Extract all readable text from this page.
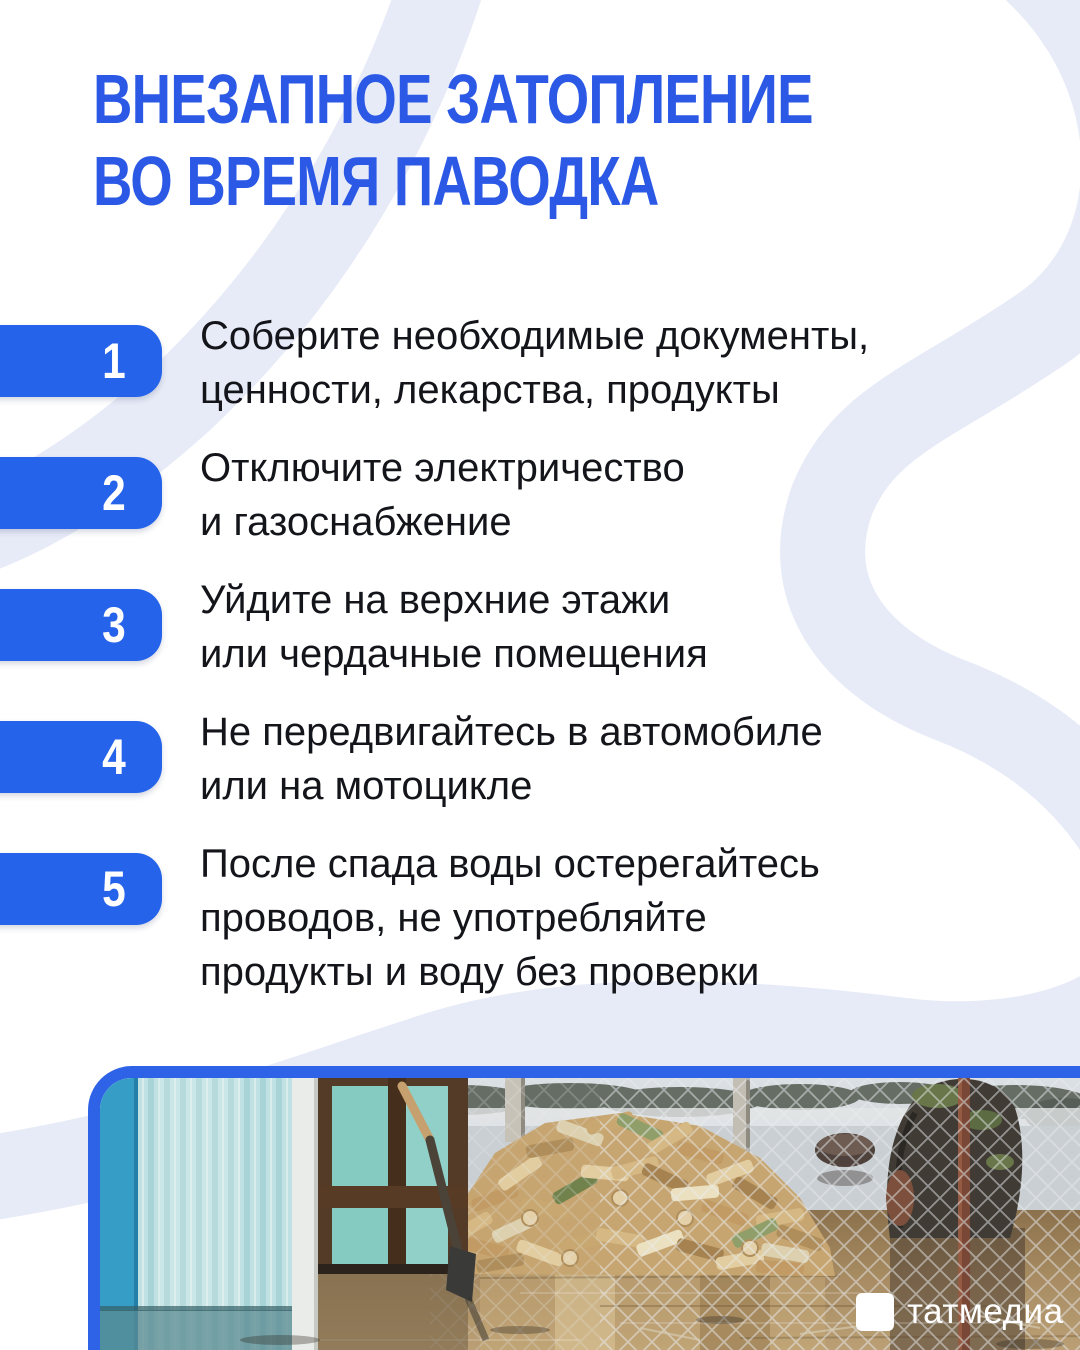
ВНЕЗАПНОЕ ЗАТОПЛЕНИЕ
ВО ВРЕМЯ ПАВОДКА
1 Соберите необходимые документы,
ценности, лекарства, продукты
2 Отключите электричество
и газоснабжение
3 Уйдите на верхние этажи
или чердачные помещения
4 Не передвигайтесь в автомобиле
или на мотоцикле
5 После спада воды остерегайтесь
проводов, не употребляйте
продукты и воду без проверки
татмедиа
